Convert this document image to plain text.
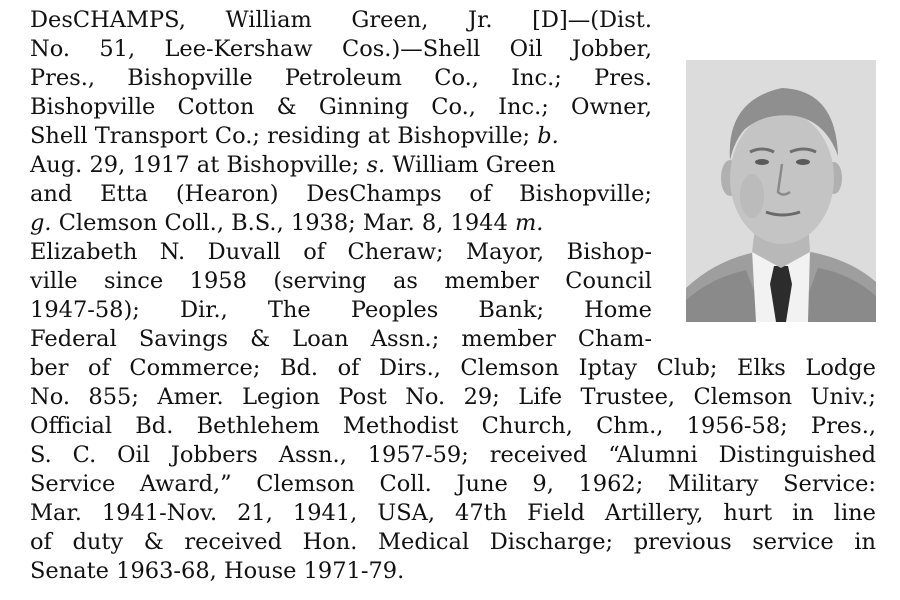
DesCHAMPS, William Green, Jr. [D]—(Dist.
No. 51, Lee-Kershaw Cos.)—Shell Oil Jobber,
Pres., Bishopville Petroleum Co., Inc.; Pres.
Bishopville Cotton & Ginning Co., Inc.; Owner,
Shell Transport Co.; residing at Bishopville; b.
Aug. 29, 1917 at Bishopville; s. William Green
and Etta (Hearon) DesChamps of Bishopville;
g. Clemson Coll., B.S., 1938; Mar. 8, 1944 m.
Elizabeth N. Duvall of Cheraw; Mayor, Bishop-
ville since 1958 (serving as member Council
1947-58); Dir., The Peoples Bank; Home
Federal Savings & Loan Assn.; member Cham-
ber of Commerce; Bd. of Dirs., Clemson Iptay Club; Elks Lodge
No. 855; Amer. Legion Post No. 29; Life Trustee, Clemson Univ.;
Official Bd. Bethlehem Methodist Church, Chm., 1956-58; Pres.,
S. C. Oil Jobbers Assn., 1957-59; received “Alumni Distinguished
Service Award,” Clemson Coll. June 9, 1962; Military Service:
Mar. 1941-Nov. 21, 1941, USA, 47th Field Artillery, hurt in line
of duty & received Hon. Medical Discharge; previous service in
Senate 1963-68, House 1971-79.
